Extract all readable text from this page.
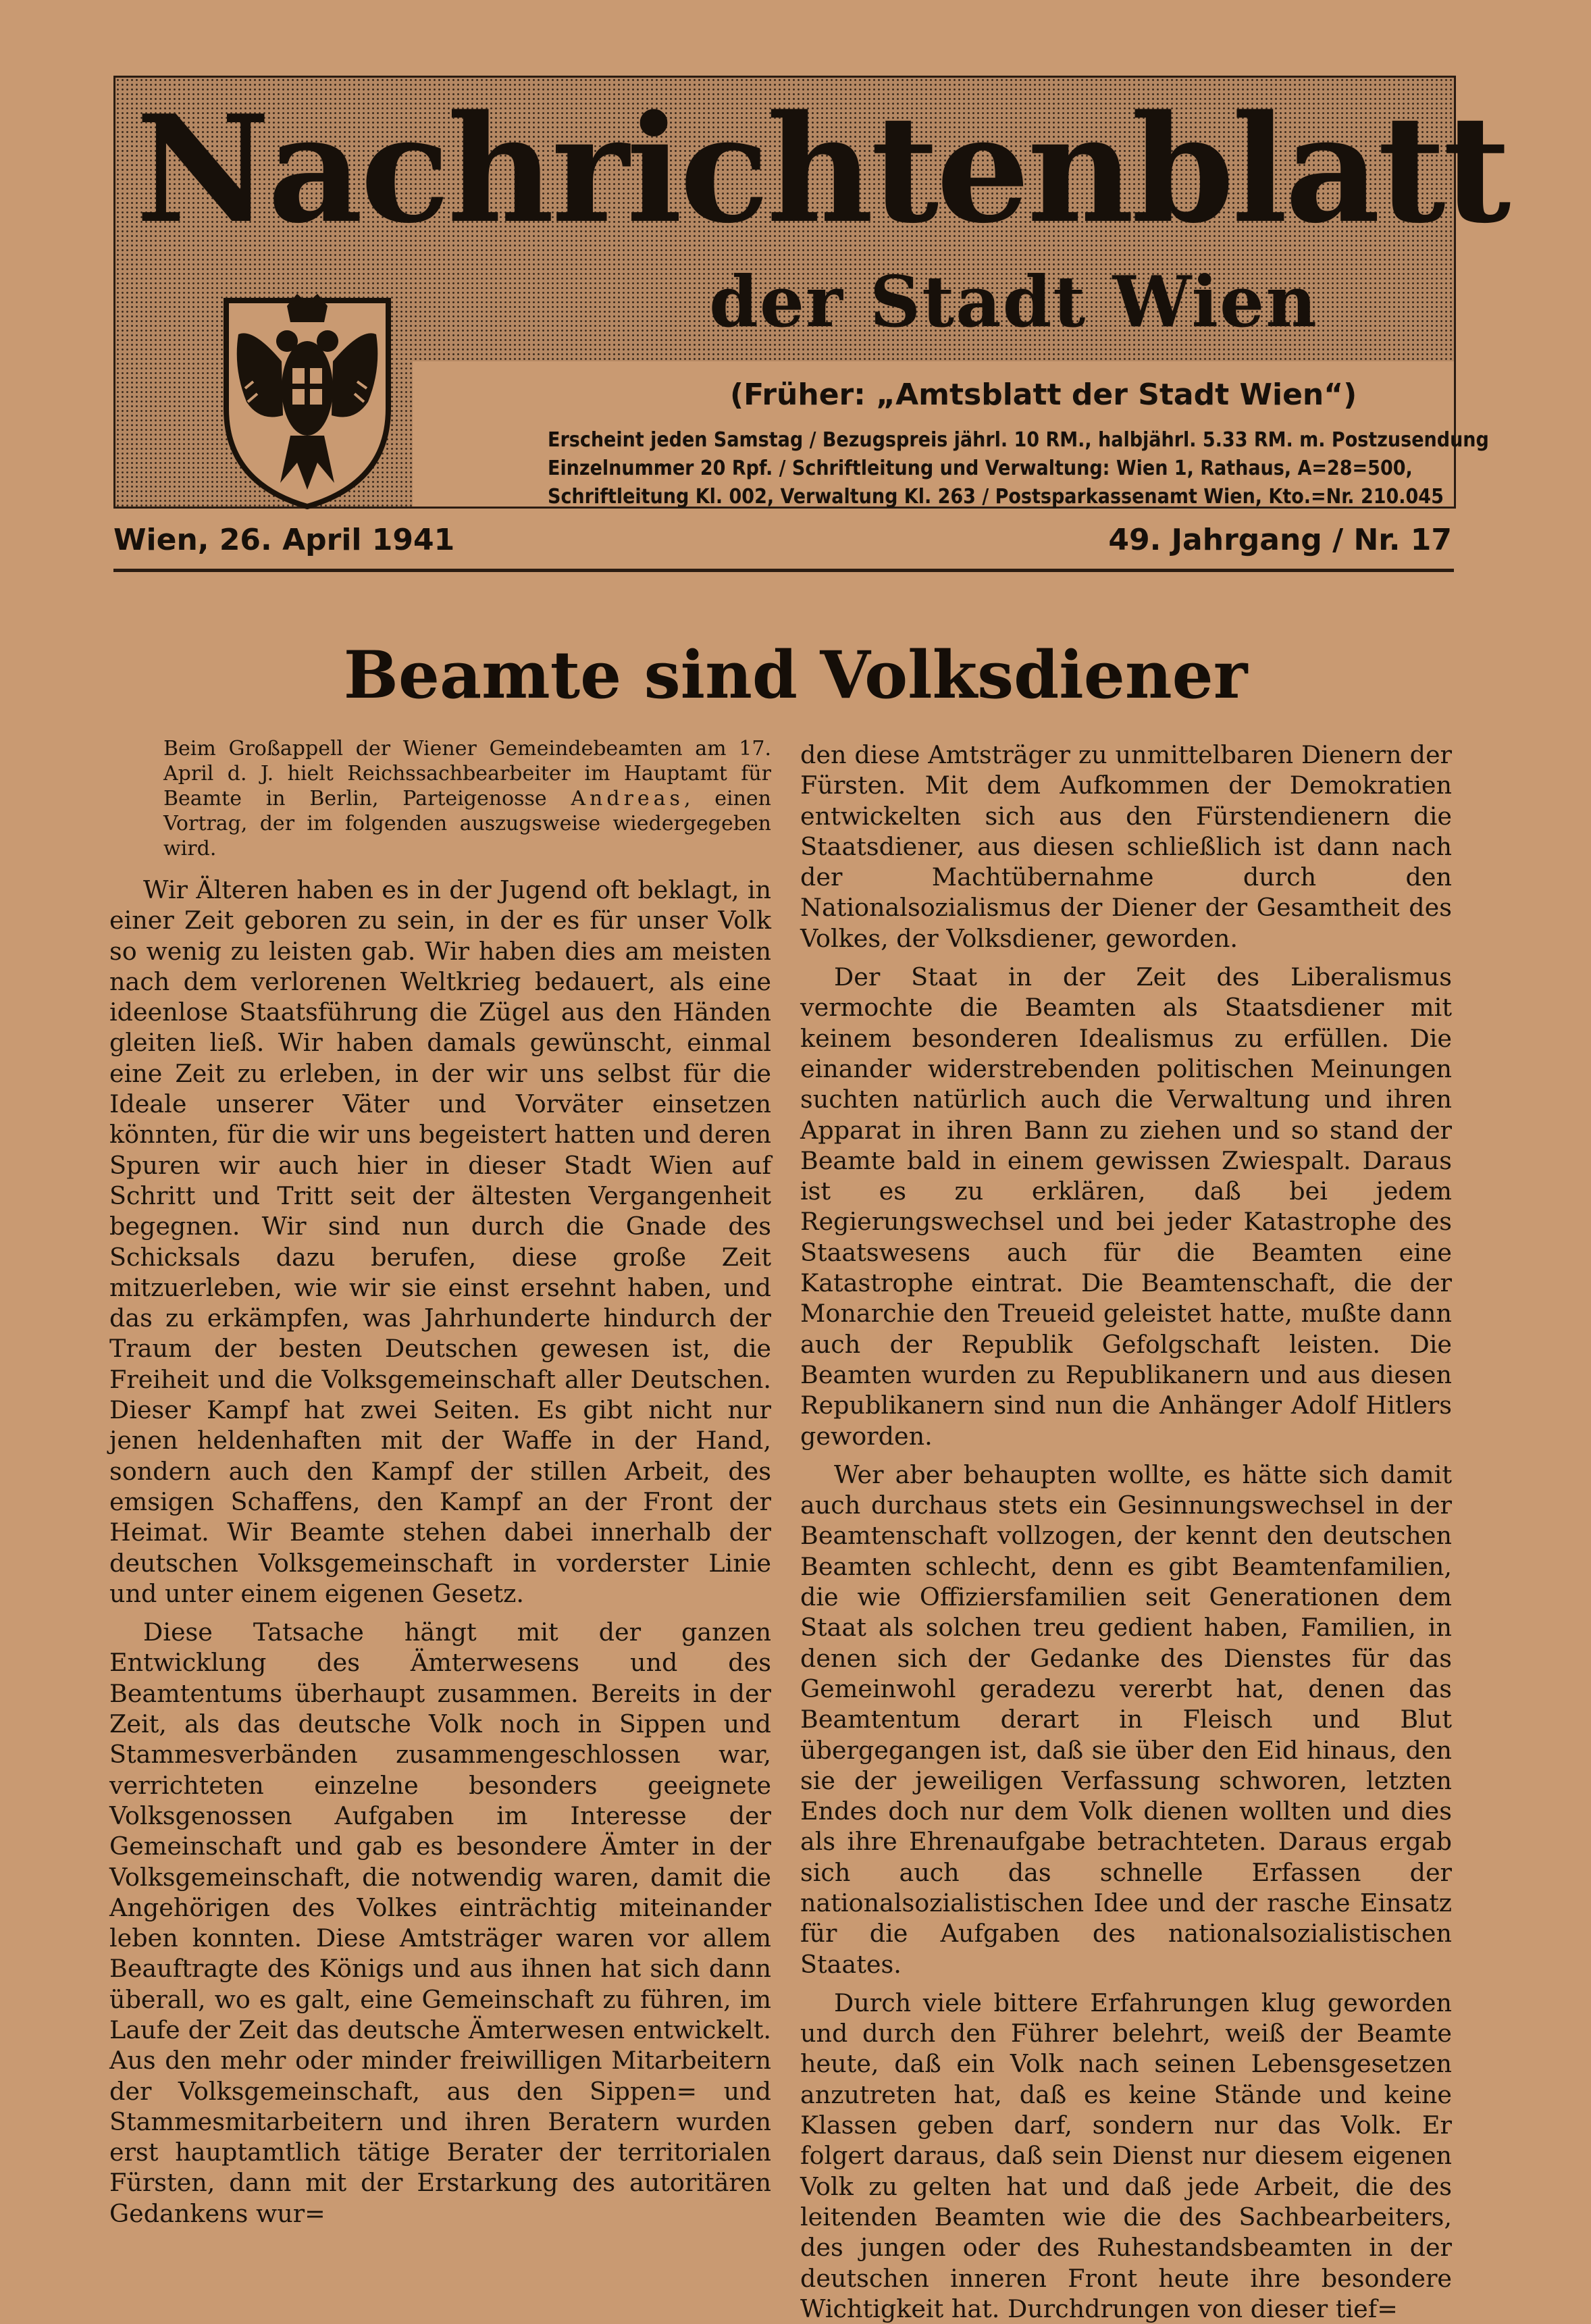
Nachrichtenblatt
der Stadt Wien
(Früher: „Amtsblatt der Stadt Wien“)
Erscheint jeden Samstag / Bezugspreis jährl. 10 RM., halbjährl. 5.33 RM. m. Postzusendung
Einzelnummer 20 Rpf. / Schriftleitung und Verwaltung: Wien 1, Rathaus, A=28=500,
Schriftleitung Kl. 002, Verwaltung Kl. 263 / Postsparkassenamt Wien, Kto.=Nr. 210.045
Wien, 26. April 1941	49. Jahrgang / Nr. 17
Beamte sind Volksdiener
Beim Großappell der Wiener Gemeindebeamten am 17. April d. J. hielt Reichssachbearbeiter im Hauptamt für Beamte in Berlin, Parteigenosse Andreas, einen Vortrag, der im folgenden auszugsweise wiedergegeben wird.

Wir Älteren haben es in der Jugend oft beklagt, in einer Zeit geboren zu sein, in der es für unser Volk so wenig zu leisten gab. Wir haben dies am meisten nach dem verlorenen Weltkrieg bedauert, als eine ideenlose Staatsführung die Zügel aus den Händen gleiten ließ. Wir haben damals gewünscht, einmal eine Zeit zu erleben, in der wir uns selbst für die Ideale unserer Väter und Vorväter einsetzen könnten, für die wir uns begeistert hatten und deren Spuren wir auch hier in dieser Stadt Wien auf Schritt und Tritt seit der ältesten Vergangenheit begegnen. Wir sind nun durch die Gnade des Schicksals dazu berufen, diese große Zeit mitzuerleben, wie wir sie einst ersehnt haben, und das zu erkämpfen, was Jahrhunderte hindurch der Traum der besten Deutschen gewesen ist, die Freiheit und die Volksgemeinschaft aller Deutschen. Dieser Kampf hat zwei Seiten. Es gibt nicht nur jenen heldenhaften mit der Waffe in der Hand, sondern auch den Kampf der stillen Arbeit, des emsigen Schaffens, den Kampf an der Front der Heimat. Wir Beamte stehen dabei innerhalb der deutschen Volksgemeinschaft in vorderster Linie und unter einem eigenen Gesetz.

Diese Tatsache hängt mit der ganzen Entwicklung des Ämterwesens und des Beamtentums überhaupt zusammen. Bereits in der Zeit, als das deutsche Volk noch in Sippen und Stammesverbänden zusammengeschlossen war, verrichteten einzelne besonders geeignete Volksgenossen Aufgaben im Interesse der Gemeinschaft und gab es besondere Ämter in der Volksgemeinschaft, die notwendig waren, damit die Angehörigen des Volkes einträchtig miteinander leben konnten. Diese Amtsträger waren vor allem Beauftragte des Königs und aus ihnen hat sich dann überall, wo es galt, eine Gemeinschaft zu führen, im Laufe der Zeit das deutsche Ämterwesen entwickelt. Aus den mehr oder minder freiwilligen Mitarbeitern der Volksgemeinschaft, aus den Sippen= und Stammesmitarbeitern und ihren Beratern wurden erst hauptamtlich tätige Berater der territorialen Fürsten, dann mit der Erstarkung des autoritären Gedankens wur=

den diese Amtsträger zu unmittelbaren Dienern der Fürsten. Mit dem Aufkommen der Demokratien entwickelten sich aus den Fürstendienern die Staatsdiener, aus diesen schließlich ist dann nach der Machtübernahme durch den Nationalsozialismus der Diener der Gesamtheit des Volkes, der Volksdiener, geworden.

Der Staat in der Zeit des Liberalismus vermochte die Beamten als Staatsdiener mit keinem besonderen Idealismus zu erfüllen. Die einander widerstrebenden politischen Meinungen suchten natürlich auch die Verwaltung und ihren Apparat in ihren Bann zu ziehen und so stand der Beamte bald in einem gewissen Zwiespalt. Daraus ist es zu erklären, daß bei jedem Regierungswechsel und bei jeder Katastrophe des Staatswesens auch für die Beamten eine Katastrophe eintrat. Die Beamtenschaft, die der Monarchie den Treueid geleistet hatte, mußte dann auch der Republik Gefolgschaft leisten. Die Beamten wurden zu Republikanern und aus diesen Republikanern sind nun die Anhänger Adolf Hitlers geworden.

Wer aber behaupten wollte, es hätte sich damit auch durchaus stets ein Gesinnungswechsel in der Beamtenschaft vollzogen, der kennt den deutschen Beamten schlecht, denn es gibt Beamtenfamilien, die wie Offiziersfamilien seit Generationen dem Staat als solchen treu gedient haben, Familien, in denen sich der Gedanke des Dienstes für das Gemeinwohl geradezu vererbt hat, denen das Beamtentum derart in Fleisch und Blut übergegangen ist, daß sie über den Eid hinaus, den sie der jeweiligen Verfassung schworen, letzten Endes doch nur dem Volk dienen wollten und dies als ihre Ehrenaufgabe betrachteten. Daraus ergab sich auch das schnelle Erfassen der nationalsozialistischen Idee und der rasche Einsatz für die Aufgaben des nationalsozialistischen Staates.

Durch viele bittere Erfahrungen klug geworden und durch den Führer belehrt, weiß der Beamte heute, daß ein Volk nach seinen Lebensgesetzen anzutreten hat, daß es keine Stände und keine Klassen geben darf, sondern nur das Volk. Er folgert daraus, daß sein Dienst nur diesem eigenen Volk zu gelten hat und daß jede Arbeit, die des leitenden Beamten wie die des Sachbearbeiters, des jungen oder des Ruhestandsbeamten in der deutschen inneren Front heute ihre besondere Wichtigkeit hat. Durchdrungen von dieser tief=
